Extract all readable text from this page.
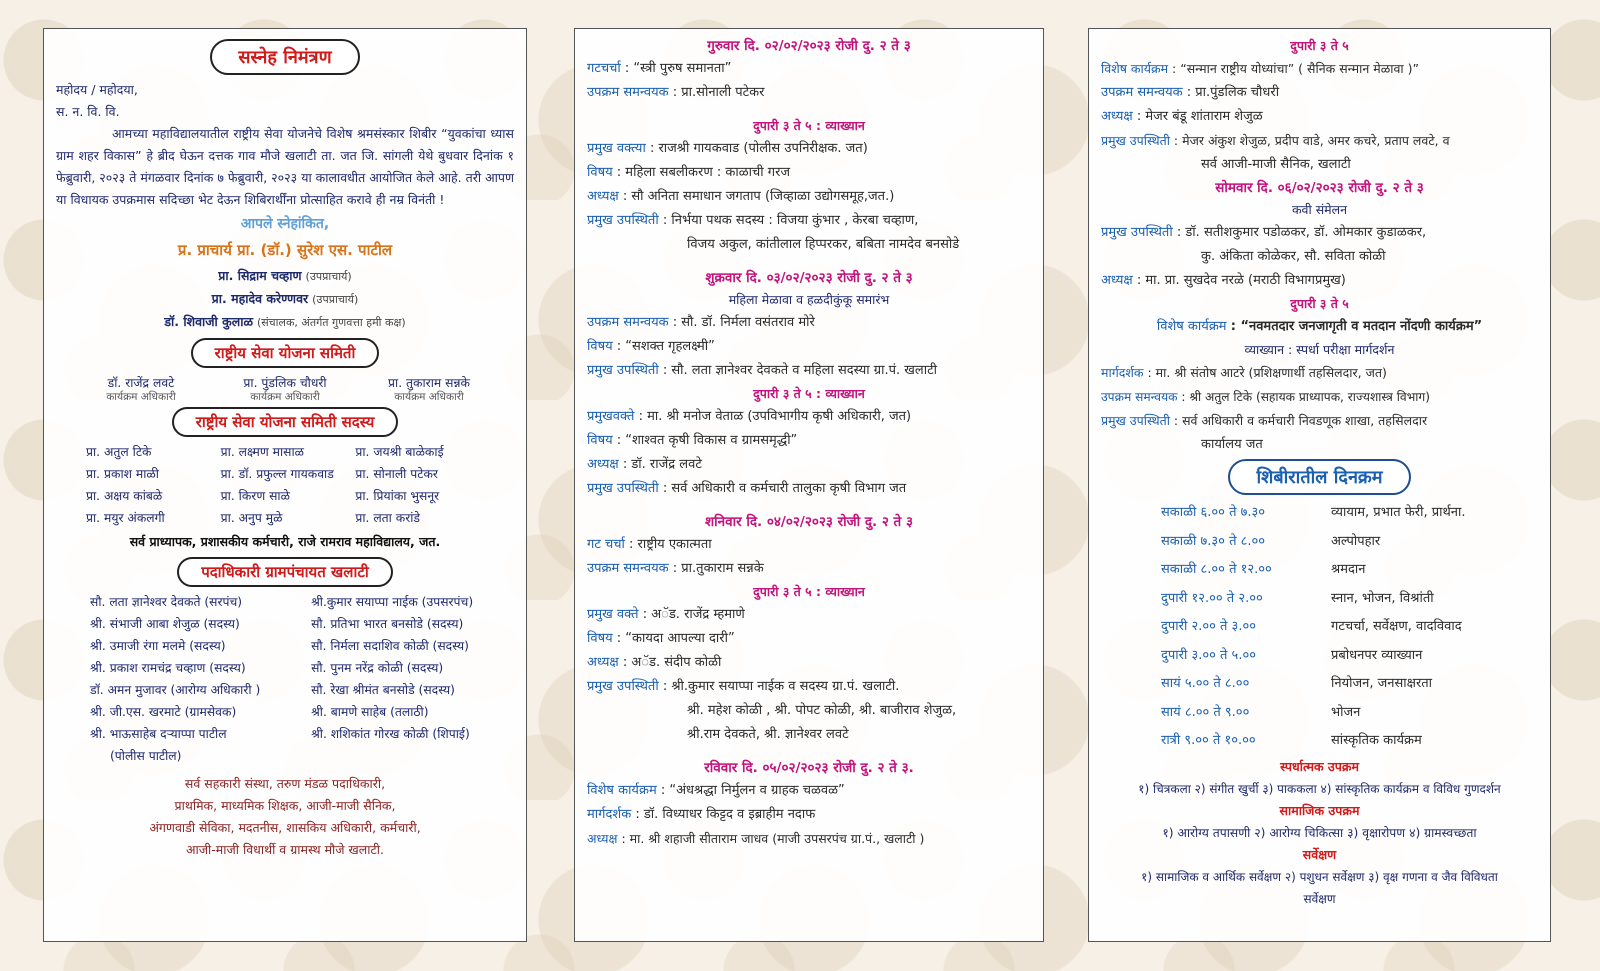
सस्नेह निमंत्रण
महोदय / महोदया,
स. न. वि. वि.
आमच्या महाविद्यालयातील राष्ट्रीय सेवा योजनेचे विशेष श्रमसंस्कार शिबीर “युवकांचा ध्यास ग्राम शहर विकास” हे ब्रीद घेऊन दत्तक गाव मौजे खलाटी ता. जत जि. सांगली येथे बुधवार दिनांक १ फेब्रुवारी, २०२३ ते मंगळवार दिनांक ७ फेब्रुवारी, २०२३ या कालावधीत आयोजित केले आहे. तरी आपण या विधायक उपक्रमास सदिच्छा भेट देऊन शिबिरार्थींना प्रोत्साहित करावे ही नम्र विनंती !
आपले स्नेहांकित,
प्र. प्राचार्य प्रा. (डॉ.) सुरेश एस. पाटील
प्रा. सिद्राम चव्हाण (उपप्राचार्य)
प्रा. महादेव करेण्णवर (उपप्राचार्य)
डॉ. शिवाजी कुलाळ (संचालक, अंतर्गत गुणवत्ता हमी कक्ष)
राष्ट्रीय सेवा योजना समिती
डॉ. राजेंद्र लवटे
कार्यक्रम अधिकारी
प्रा. पुंडलिक चौधरी
कार्यक्रम अधिकारी
प्रा. तुकाराम सन्नके
कार्यक्रम अधिकारी
राष्ट्रीय सेवा योजना समिती सदस्य
प्रा. अतुल टिके	प्रा. लक्ष्मण मासाळ	प्रा. जयश्री बाळेकाई
प्रा. प्रकाश माळी	प्रा. डॉ. प्रफुल्ल गायकवाड	प्रा. सोनाली पटेकर
प्रा. अक्षय कांबळे	प्रा. किरण साळे	प्रा. प्रियांका भुसनूर
प्रा. मयुर अंकलगी	प्रा. अनुप मुळे	प्रा. लता करांडे
सर्व प्राध्यापक, प्रशासकीय कर्मचारी, राजे रामराव महाविद्यालय, जत.
पदाधिकारी ग्रामपंचायत खलाटी
सौ. लता ज्ञानेश्वर देवकते (सरपंच)	श्री.कुमार सयाप्पा नाईक (उपसरपंच)
श्री. संभाजी आबा शेजुळ (सदस्य)	सौ. प्रतिभा भारत बनसोडे (सदस्य)
श्री. उमाजी रंगा मलमे (सदस्य)	सौ. निर्मला सदाशिव कोळी (सदस्य)
श्री. प्रकाश रामचंद्र चव्हाण (सदस्य)	सौ. पुनम नरेंद्र कोळी (सदस्य)
डॉ. अमन मुजावर (आरोग्य अधिकारी )	सौ. रेखा श्रीमंत बनसोडे (सदस्य)
श्री. जी.एस. खरमाटे (ग्रामसेवक)	श्री. बामणे साहेब (तलाठी)
श्री. भाऊसाहेब दऱ्याप्पा पाटील	श्री. शशिकांत गोरख कोळी (शिपाई)
(पोलीस पाटील)
सर्व सहकारी संस्था, तरुण मंडळ पदाधिकारी,
प्राथमिक, माध्यमिक शिक्षक, आजी-माजी सैनिक,
अंगणवाडी सेविका, मदतनीस, शासकिय अधिकारी, कर्मचारी,
आजी-माजी विधार्थी व ग्रामस्थ मौजे खलाटी.
गुरुवार दि. ०२/०२/२०२३ रोजी दु. २ ते ३
गटचर्चा : “स्त्री पुरुष समानता”
उपक्रम समन्वयक : प्रा.सोनाली पटेकर
दुपारी ३ ते ५ : व्याख्यान
प्रमुख वक्त्या : राजश्री गायकवाड (पोलीस उपनिरीक्षक. जत)
विषय : महिला सबलीकरण : काळाची गरज
अध्यक्ष : सौ अनिता समाधान जगताप (जिव्हाळा उद्योगसमूह,जत.)
प्रमुख उपस्थिती : निर्भया पथक सदस्य : विजया कुंभार , केरबा चव्हाण,
विजय अकुल, कांतीलाल हिप्परकर, बबिता नामदेव बनसोडे
शुक्रवार दि. ०३/०२/२०२३ रोजी दु. २ ते ३
महिला मेळावा व हळदीकुंकू समारंभ
उपक्रम समन्वयक : सौ. डॉ. निर्मला वसंतराव मोरे
विषय : “सशक्त गृहलक्ष्मी”
प्रमुख उपस्थिती : सौ. लता ज्ञानेश्वर देवकते व महिला सदस्या ग्रा.पं. खलाटी
दुपारी ३ ते ५ : व्याख्यान
प्रमुखवक्ते : मा. श्री मनोज वेताळ (उपविभागीय कृषी अधिकारी, जत)
विषय : “शाश्वत कृषी विकास व ग्रामसमृद्धी”
अध्यक्ष : डॉ. राजेंद्र लवटे
प्रमुख उपस्थिती : सर्व अधिकारी व कर्मचारी तालुका कृषी विभाग जत
शनिवार दि. ०४/०२/२०२३ रोजी दु. २ ते ३
गट चर्चा : राष्ट्रीय एकात्मता
उपक्रम समन्वयक : प्रा.तुकाराम सन्नके
दुपारी ३ ते ५ : व्याख्यान
प्रमुख वक्ते : अॅड. राजेंद्र म्हमाणे
विषय : “कायदा आपल्या दारी”
अध्यक्ष : अॅड. संदीप कोळी
प्रमुख उपस्थिती : श्री.कुमार सयाप्पा नाईक व सदस्य ग्रा.पं. खलाटी.
श्री. महेश कोळी , श्री. पोपट कोळी, श्री. बाजीराव शेजुळ,
श्री.राम देवकते, श्री. ज्ञानेश्वर लवटे
रविवार दि. ०५/०२/२०२३ रोजी दु. २ ते ३.
विशेष कार्यक्रम : “अंधश्रद्धा निर्मुलन व ग्राहक चळवळ”
मार्गदर्शक : डॉ. विध्याधर किट्टद व इब्राहीम नदाफ
अध्यक्ष : मा. श्री शहाजी सीताराम जाधव (माजी उपसरपंच ग्रा.पं., खलाटी )
दुपारी ३ ते ५
विशेष कार्यक्रम : “सन्मान राष्ट्रीय योध्यांचा” ( सैनिक सन्मान मेळावा )”
उपक्रम समन्वयक : प्रा.पुंडलिक चौधरी
अध्यक्ष : मेजर बंडू शांताराम शेजुळ
प्रमुख उपस्थिती : मेजर अंकुश शेजुळ, प्रदीप वाडे, अमर कचरे, प्रताप लवटे, व
सर्व आजी-माजी सैनिक, खलाटी
सोमवार दि. ०६/०२/२०२३ रोजी दु. २ ते ३
कवी संमेलन
प्रमुख उपस्थिती : डॉ. सतीशकुमार पडोळकर, डॉ. ओमकार कुडाळकर,
कु. अंकिता कोळेकर, सौ. सविता कोळी
अध्यक्ष : मा. प्रा. सुखदेव नरळे (मराठी विभागप्रमुख)
दुपारी ३ ते ५
विशेष कार्यक्रम : “नवमतदार जनजागृती व मतदान नोंदणी कार्यक्रम”
व्याख्यान : स्पर्धा परीक्षा मार्गदर्शन
मार्गदर्शक : मा. श्री संतोष आटरे (प्रशिक्षणार्थी तहसिलदार, जत)
उपक्रम समन्वयक : श्री अतुल टिके (सहायक प्राध्यापक, राज्यशास्त्र विभाग)
प्रमुख उपस्थिती : सर्व अधिकारी व कर्मचारी निवडणूक शाखा, तहसिलदार
कार्यालय जत
शिबीरातील दिनक्रम
सकाळी ६.०० ते ७.३०	व्यायाम, प्रभात फेरी, प्रार्थना.
सकाळी ७.३० ते ८.००	अल्पोपहार
सकाळी ८.०० ते १२.००	श्रमदान
दुपारी १२.०० ते २.००	स्नान, भोजन, विश्रांती
दुपारी २.०० ते ३.००	गटचर्चा, सर्वेक्षण, वादविवाद
दुपारी ३.०० ते ५.००	प्रबोधनपर व्याख्यान
सायं ५.०० ते ८.००	नियोजन, जनसाक्षरता
सायं ८.०० ते ९.००	भोजन
रात्री ९.०० ते १०.००	सांस्कृतिक कार्यक्रम
स्पर्धात्मक उपक्रम
१) चित्रकला २) संगीत खुर्ची ३) पाककला ४) सांस्कृतिक कार्यक्रम व विविध गुणदर्शन
सामाजिक उपक्रम
१) आरोग्य तपासणी २) आरोग्य चिकित्सा ३) वृक्षारोपण ४) ग्रामस्वच्छता
सर्वेक्षण
१) सामाजिक व आर्थिक सर्वेक्षण २) पशुधन सर्वेक्षण ३) वृक्ष गणना व जैव विविधता
सर्वेक्षण
